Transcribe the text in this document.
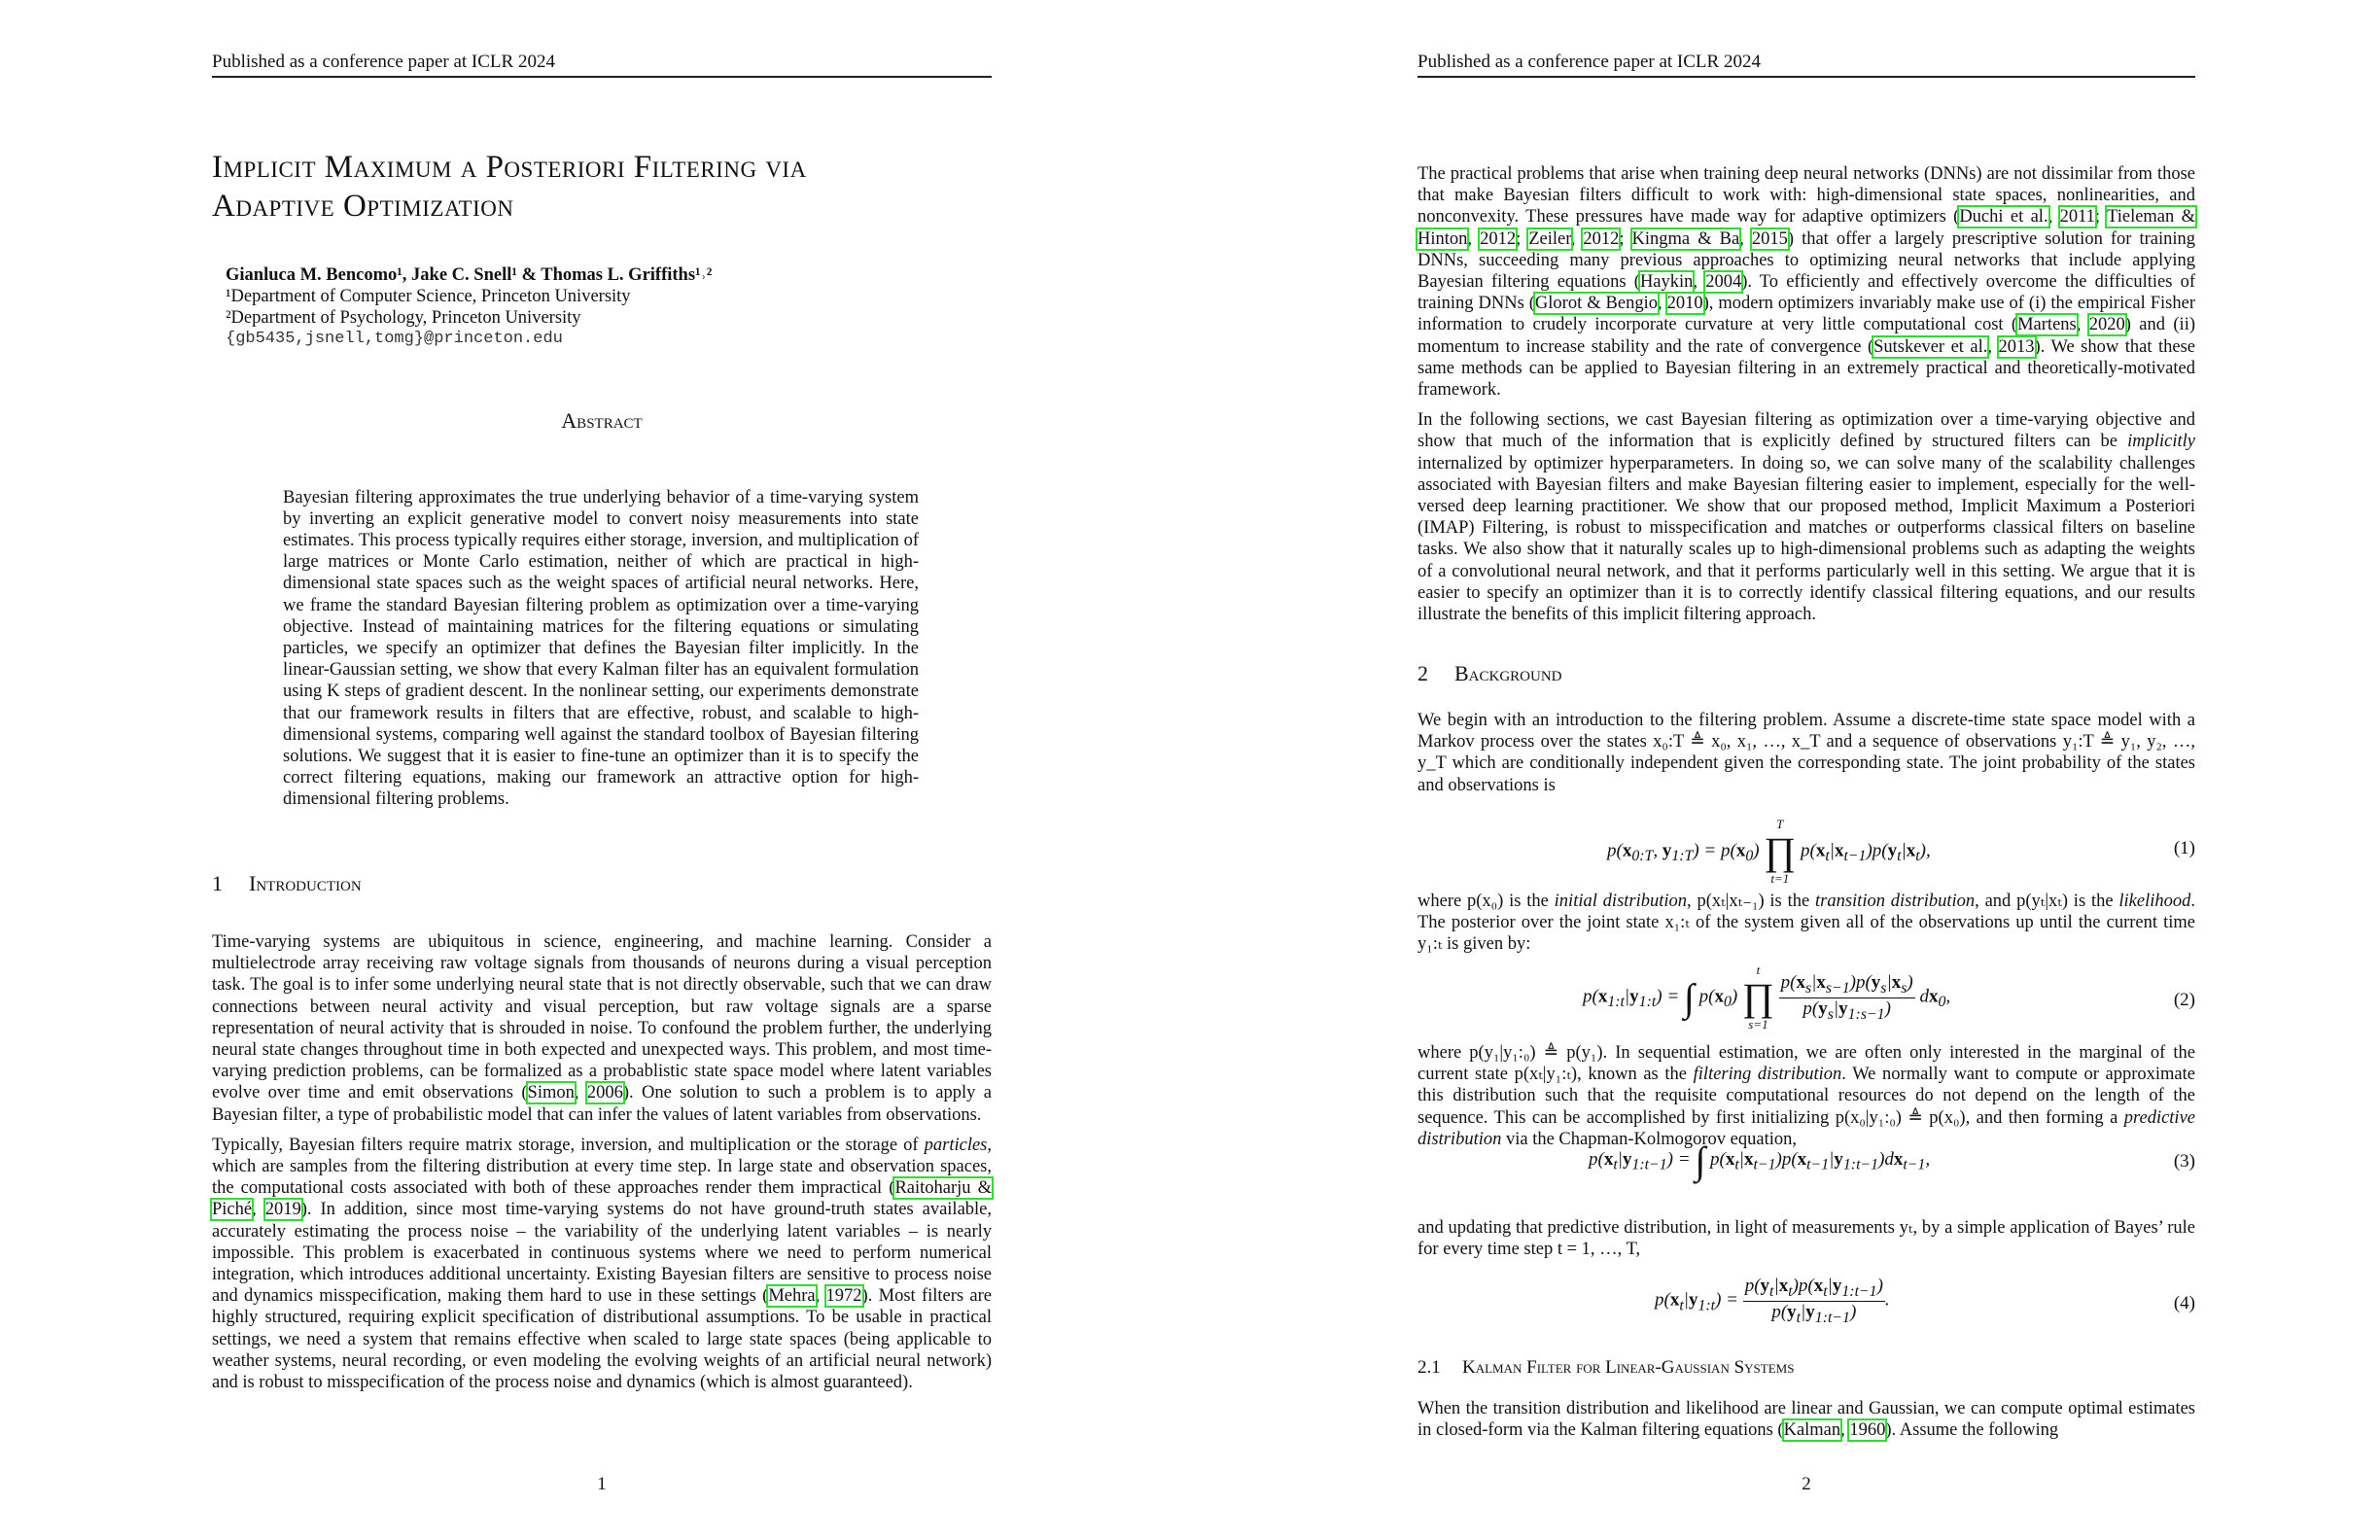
Published as a conference paper at ICLR 2024
Implicit Maximum a Posteriori Filtering via
Adaptive Optimization
Gianluca M. Bencomo¹, Jake C. Snell¹ & Thomas L. Griffiths¹˒²
¹Department of Computer Science, Princeton University
²Department of Psychology, Princeton University
{gb5435,jsnell,tomg}@princeton.edu
Abstract

Bayesian filtering approximates the true underlying behavior of a time-varying system by inverting an explicit generative model to convert noisy measurements into state estimates. This process typically requires either storage, inversion, and multiplication of large matrices or Monte Carlo estimation, neither of which are practical in high-dimensional state spaces such as the weight spaces of artificial neural networks. Here, we frame the standard Bayesian filtering problem as optimization over a time-varying objective. Instead of maintaining matrices for the filtering equations or simulating particles, we specify an optimizer that defines the Bayesian filter implicitly. In the linear-Gaussian setting, we show that every Kalman filter has an equivalent formulation using K steps of gradient descent. In the nonlinear setting, our experiments demonstrate that our framework results in filters that are effective, robust, and scalable to high-dimensional systems, comparing well against the standard toolbox of Bayesian filtering solutions. We suggest that it is easier to fine-tune an optimizer than it is to specify the correct filtering equations, making our framework an attractive option for high-dimensional filtering problems.

1 Introduction

Time-varying systems are ubiquitous in science, engineering, and machine learning. Consider a multielectrode array receiving raw voltage signals from thousands of neurons during a visual perception task. The goal is to infer some underlying neural state that is not directly observable, such that we can draw connections between neural activity and visual perception, but raw voltage signals are a sparse representation of neural activity that is shrouded in noise. To confound the problem further, the underlying neural state changes throughout time in both expected and unexpected ways. This problem, and most time-varying prediction problems, can be formalized as a probablistic state space model where latent variables evolve over time and emit observations (Simon, 2006). One solution to such a problem is to apply a Bayesian filter, a type of probabilistic model that can infer the values of latent variables from observations.

Typically, Bayesian filters require matrix storage, inversion, and multiplication or the storage of particles, which are samples from the filtering distribution at every time step. In large state and observation spaces, the computational costs associated with both of these approaches render them impractical (Raitoharju & Piché, 2019). In addition, since most time-varying systems do not have ground-truth states available, accurately estimating the process noise – the variability of the underlying latent variables – is nearly impossible. This problem is exacerbated in continuous systems where we need to perform numerical integration, which introduces additional uncertainty. Existing Bayesian filters are sensitive to process noise and dynamics misspecification, making them hard to use in these settings (Mehra, 1972). Most filters are highly structured, requiring explicit specification of distributional assumptions. To be usable in practical settings, we need a system that remains effective when scaled to large state spaces (being applicable to weather systems, neural recording, or even modeling the evolving weights of an artificial neural network) and is robust to misspecification of the process noise and dynamics (which is almost guaranteed).

1
Published as a conference paper at ICLR 2024

The practical problems that arise when training deep neural networks (DNNs) are not dissimilar from those that make Bayesian filters difficult to work with: high-dimensional state spaces, nonlinearities, and nonconvexity. These pressures have made way for adaptive optimizers (Duchi et al., 2011; Tieleman & Hinton, 2012; Zeiler, 2012; Kingma & Ba, 2015) that offer a largely prescriptive solution for training DNNs, succeeding many previous approaches to optimizing neural networks that include applying Bayesian filtering equations (Haykin, 2004). To efficiently and effectively overcome the difficulties of training DNNs (Glorot & Bengio, 2010), modern optimizers invariably make use of (i) the empirical Fisher information to crudely incorporate curvature at very little computational cost (Martens, 2020) and (ii) momentum to increase stability and the rate of convergence (Sutskever et al., 2013). We show that these same methods can be applied to Bayesian filtering in an extremely practical and theoretically-motivated framework.

In the following sections, we cast Bayesian filtering as optimization over a time-varying objective and show that much of the information that is explicitly defined by structured filters can be implicitly internalized by optimizer hyperparameters. In doing so, we can solve many of the scalability challenges associated with Bayesian filters and make Bayesian filtering easier to implement, especially for the well-versed deep learning practitioner. We show that our proposed method, Implicit Maximum a Posteriori (IMAP) Filtering, is robust to misspecification and matches or outperforms classical filters on baseline tasks. We also show that it naturally scales up to high-dimensional problems such as adapting the weights of a convolutional neural network, and that it performs particularly well in this setting. We argue that it is easier to specify an optimizer than it is to correctly identify classical filtering equations, and our results illustrate the benefits of this implicit filtering approach.

2 Background

We begin with an introduction to the filtering problem. Assume a discrete-time state space model with a Markov process over the states x₀:T ≜ x₀, x₁, …, x_T and a sequence of observations y₁:T ≜ y₁, y₂, …, y_T which are conditionally independent given the corresponding state. The joint probability of the states and observations is

$p(x_{0:T}$, $y_{1:T}) = p(x_0)$
T
∏
t=1
$p(x_t|x_{t-1})p(y_t|x_t)$,	(1)

where p(x₀) is the initial distribution, p(xₜ|xₜ₋₁) is the transition distribution, and p(yₜ|xₜ) is the likelihood. The posterior over the joint state x₁:ₜ of the system given all of the observations up until the current time y₁:ₜ is given by:

$p(x_{1:t}|y_{1:t})$ = ∫ $p(x_0)$
t
∏
s=1

$\frac{p(x_s|x_{s-1})p(y_s|x_s)}{p(y_s|y_{1:s-1})} dx_0$,	(2)

where p(y₁|y₁:₀) ≜ p(y₁). In sequential estimation, we are often only interested in the marginal of the current state p(xₜ|y₁:ₜ), known as the filtering distribution. We normally want to compute or approximate this distribution such that the requisite computational resources do not depend on the length of the sequence. This can be accomplished by first initializing p(x₀|y₁:₀) ≜ p(x₀), and then forming a predictive distribution via the Chapman-Kolmogorov equation,

$p(x_t|y_{1:t-1})$ = ∫ $p(x_t|x_{t-1})p(x_{t-1}|y_{1:t-1})dx_{t-1}$,	(3)

and updating that predictive distribution, in light of measurements yₜ, by a simple application of Bayes’ rule for every time step t = 1, …, T,

$p(x_t|y_{1:t}) = \frac{p(y_t|x_t)p(x_t|y_{1:t-1})}{p(y_t|y_{1:t-1})}$ .	(4)
2.1 Kalman Filter for Linear-Gaussian Systems

When the transition distribution and likelihood are linear and Gaussian, we can compute optimal estimates in closed-form via the Kalman filtering equations (Kalman, 1960). Assume the following

2
